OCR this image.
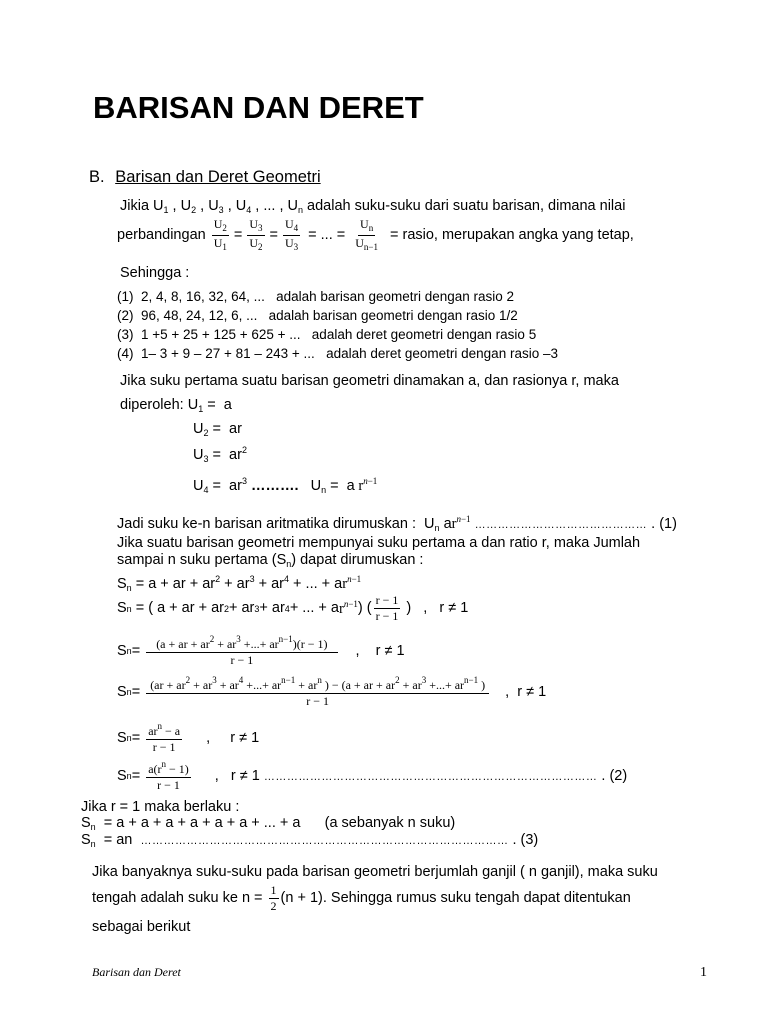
BARISAN DAN DERET
B. Barisan dan Deret Geometri
Jikia $U_1$ , $U_2$ , $U_3$ , $U_4$ , ... , $U_n$ adalah suku-suku dari suatu barisan, dimana nilai
perbandingan $\frac{U_2}{U_1} = \frac{U_3}{U_2} = \frac{U_4}{U_3}$ = ... = $\frac{U_n}{U_{n-1}}$ = rasio, merupakan angka yang tetap,
Sehingga :
(1) 2, 4, 8, 16, 32, 64, ... adalah barisan geometri dengan rasio 2
(2) 96, 48, 24, 12, 6, ... adalah barisan geometri dengan rasio 1/2
(3) 1 +5 + 25 + 125 + 625 + ... adalah deret geometri dengan rasio 5
(4) 1– 3 + 9 – 27 + 81 – 243 + ... adalah deret geometri dengan rasio –3
Jika suku pertama suatu barisan geometri dinamakan a, dan rasionya r, maka
diperoleh: $U_1 = a$
$U_2$ =  ar
$U_3 = ar^2$
$U_4 = ar^3$ ……….   $U_n = a$ $r^{n-1}$
Jadi suku ke-n barisan aritmatika dirumuskan :  $U_n$ $ar^{n-1}$ ……………………………………… . (1)
Jika suatu barisan geometri mempunyai suku pertama a dan ratio r, maka Jumlah
sampai n suku pertama $(S_n)$ dapat dirumuskan :
$S_n = a$ + ar + $ar^2 + ar^3 + ar^4$ + ... + $ar^{n-1}$
S n = ( a + ar + ar 2 + ar 3 + ar 4 + ... + a $r^{n-1}$ ) ( $\frac{r - 1}{r - 1}$ )   , r ≠ 1
S $n = \frac{(a + ar + ar^2 + ar^3 +...+ ar^{n-1})(r - 1)}{r - 1}$ ,    r ≠ 1
S $n = (ar + ar^2 + ar^3 + ar^4$ +...+ $ar^{n-1} + ar^n$ ) − (a + ar + $ar^2 + ar^3$ +...+ $ar^{n-1}$ )
r − 1
,  r ≠ 1
S $n = \frac{ar^n - a}{r - 1}$ ,     r ≠ 1
S $n = \frac{a(r^n - 1)}{r - 1}$ ,   r ≠ 1 …………………………………………………………………………… . (2)
Jika r = 1 maka berlaku :
$S_n = a + a + a + a + a + a$ + ... + a (a sebanyak n suku)
$S_n$ = an …………………………………………………………………………………… . (3)
Jika banyaknya suku-suku pada barisan geometri berjumlah ganjil ( n ganjil), maka suku
tengah adalah suku ke n =
$\frac{1}{2} (n + 1)$. Sehingga rumus suku tengah dapat ditentukan
sebagai berikut
Barisan dan Deret	1
